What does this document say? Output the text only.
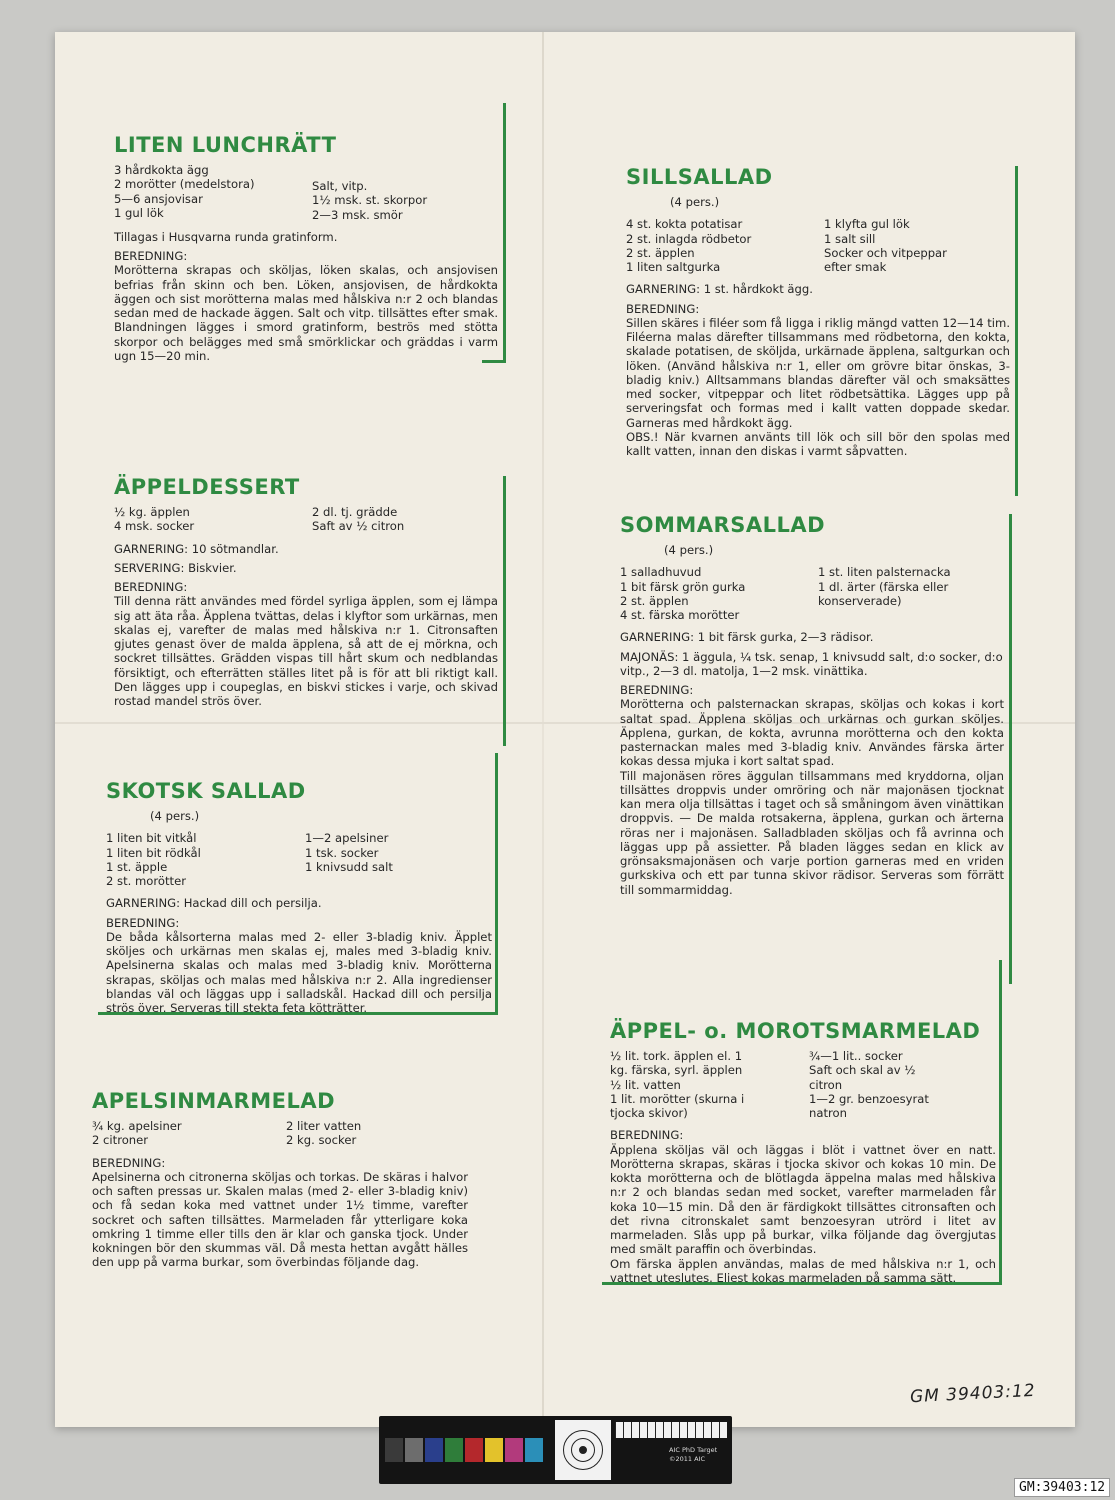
LITEN LUNCHRÄTT
3 hårdkokta ägg
2 morötter (medelstora)
5—6 ansjovisar
1 gul lök
Salt, vitp.
1½ msk. st. skorpor
2—3 msk. smör
Tillagas i Husqvarna runda gratinform.
BEREDNING:
Morötterna skrapas och sköljas, löken skalas, och ansjovisen befrias från skinn och ben. Löken, ansjovisen, de hårdkokta äggen och sist morötterna malas med hålskiva n:r 2 och blandas sedan med de hackade äggen. Salt och vitp. tillsättes efter smak. Blandningen lägges i smord gratinform, beströs med stötta skorpor och belägges med små smörklickar och gräddas i varm ugn 15—20 min.
ÄPPELDESSERT
½ kg. äpplen
4 msk. socker
2 dl. tj. grädde
Saft av ½ citron
GARNERING: 10 sötmandlar.
SERVERING: Biskvier.
BEREDNING:
Till denna rätt användes med fördel syrliga äpplen, som ej lämpa sig att äta råa. Äpplena tvättas, delas i klyftor som urkärnas, men skalas ej, varefter de malas med hålskiva n:r 1. Citronsaften gjutes genast över de malda äpplena, så att de ej mörkna, och sockret tillsättes. Grädden vispas till hårt skum och nedblandas försiktigt, och efterrätten ställes litet på is för att bli riktigt kall. Den lägges upp i coupeglas, en biskvi stickes i varje, och skivad rostad mandel strös över.
SKOTSK SALLAD
(4 pers.)
1 liten bit vitkål
1 liten bit rödkål
1 st. äpple
2 st. morötter
1—2 apelsiner
1 tsk. socker
1 knivsudd salt
GARNERING: Hackad dill och persilja.
BEREDNING:
De båda kålsorterna malas med 2- eller 3-bladig kniv. Äpplet sköljes och urkärnas men skalas ej, males med 3-bladig kniv. Apelsinerna skalas och malas med 3-bladig kniv. Morötterna skrapas, sköljas och malas med hålskiva n:r 2. Alla ingredienser blandas väl och läggas upp i salladskål. Hackad dill och persilja strös över. Serveras till stekta feta kötträtter.
APELSINMARMELAD
¾ kg. apelsiner
2 citroner
2 liter vatten
2 kg. socker
BEREDNING:
Apelsinerna och citronerna sköljas och torkas. De skäras i halvor och saften pressas ur. Skalen malas (med 2- eller 3-bladig kniv) och få sedan koka med vattnet under 1½ timme, varefter sockret och saften tillsättes. Marmeladen får ytterligare koka omkring 1 timme eller tills den är klar och ganska tjock. Under kokningen bör den skummas väl. Då mesta hettan avgått hälles den upp på varma burkar, som överbindas följande dag.
SILLSALLAD
(4 pers.)
4 st. kokta potatisar
2 st. inlagda rödbetor
2 st. äpplen
1 liten saltgurka
1 klyfta gul lök
1 salt sill
Socker och vitpeppar
efter smak
GARNERING: 1 st. hårdkokt ägg.
BEREDNING:
Sillen skäres i filéer som få ligga i riklig mängd vatten 12—14 tim. Filéerna malas därefter tillsammans med rödbetorna, den kokta, skalade potatisen, de sköljda, urkärnade äpplena, saltgurkan och löken. (Använd hålskiva n:r 1, eller om grövre bitar önskas, 3-bladig kniv.) Alltsammans blandas därefter väl och smaksättes med socker, vitpeppar och litet rödbetsättika. Lägges upp på serveringsfat och formas med i kallt vatten doppade skedar. Garneras med hårdkokt ägg.
OBS.! När kvarnen använts till lök och sill bör den spolas med kallt vatten, innan den diskas i varmt såpvatten.
SOMMARSALLAD
(4 pers.)
1 salladhuvud
1 bit färsk grön gurka
2 st. äpplen
4 st. färska morötter
1 st. liten palsternacka
1 dl. ärter (färska eller
konserverade)
GARNERING: 1 bit färsk gurka, 2—3 rädisor.
MAJONÄS: 1 äggula, ¼ tsk. senap, 1 knivsudd salt, d:o socker, d:o vitp., 2—3 dl. matolja, 1—2 msk. vinättika.
BEREDNING:
Morötterna och palsternackan skrapas, sköljas och kokas i kort saltat spad. Äpplena sköljas och urkärnas och gurkan sköljes. Äpplena, gurkan, de kokta, avrunna morötterna och den kokta pasternackan males med 3-bladig kniv. Användes färska ärter kokas dessa mjuka i kort saltat spad.
Till majonäsen röres äggulan tillsammans med kryddorna, oljan tillsättes droppvis under omröring och när majonäsen tjocknat kan mera olja tillsättas i taget och så småningom även vinättikan droppvis. — De malda rotsakerna, äpplena, gurkan och ärterna röras ner i majonäsen. Salladbladen sköljas och få avrinna och läggas upp på assietter. På bladen lägges sedan en klick av grönsaksmajonäsen och varje portion garneras med en vriden gurkskiva och ett par tunna skivor rädisor. Serveras som förrätt till sommarmiddag.
ÄPPEL- o. MOROTSMARMELAD
½ lit. tork. äpplen el. 1
kg. färska, syrl. äpplen
½ lit. vatten
1 lit. morötter (skurna i
tjocka skivor)
¾—1 lit.. socker
Saft och skal av ½
citron
1—2 gr. benzoesyrat
natron
BEREDNING:
Äpplena sköljas väl och läggas i blöt i vattnet över en natt. Morötterna skrapas, skäras i tjocka skivor och kokas 10 min. De kokta morötterna och de blötlagda äppelna malas med hålskiva n:r 2 och blandas sedan med socket, varefter marmeladen får koka 10—15 min. Då den är färdigkokt tillsättes citronsaften och det rivna citronskalet samt benzoesyran utrörd i litet av marmeladen. Slås upp på burkar, vilka följande dag övergjutas med smält paraffin och överbindas.
Om färska äpplen användas, malas de med hålskiva n:r 1, och vattnet uteslutes. Eljest kokas marmeladen på samma sätt.
GM 39403:12
AIC PhD Target
©2011 AIC
GM:39403:12
